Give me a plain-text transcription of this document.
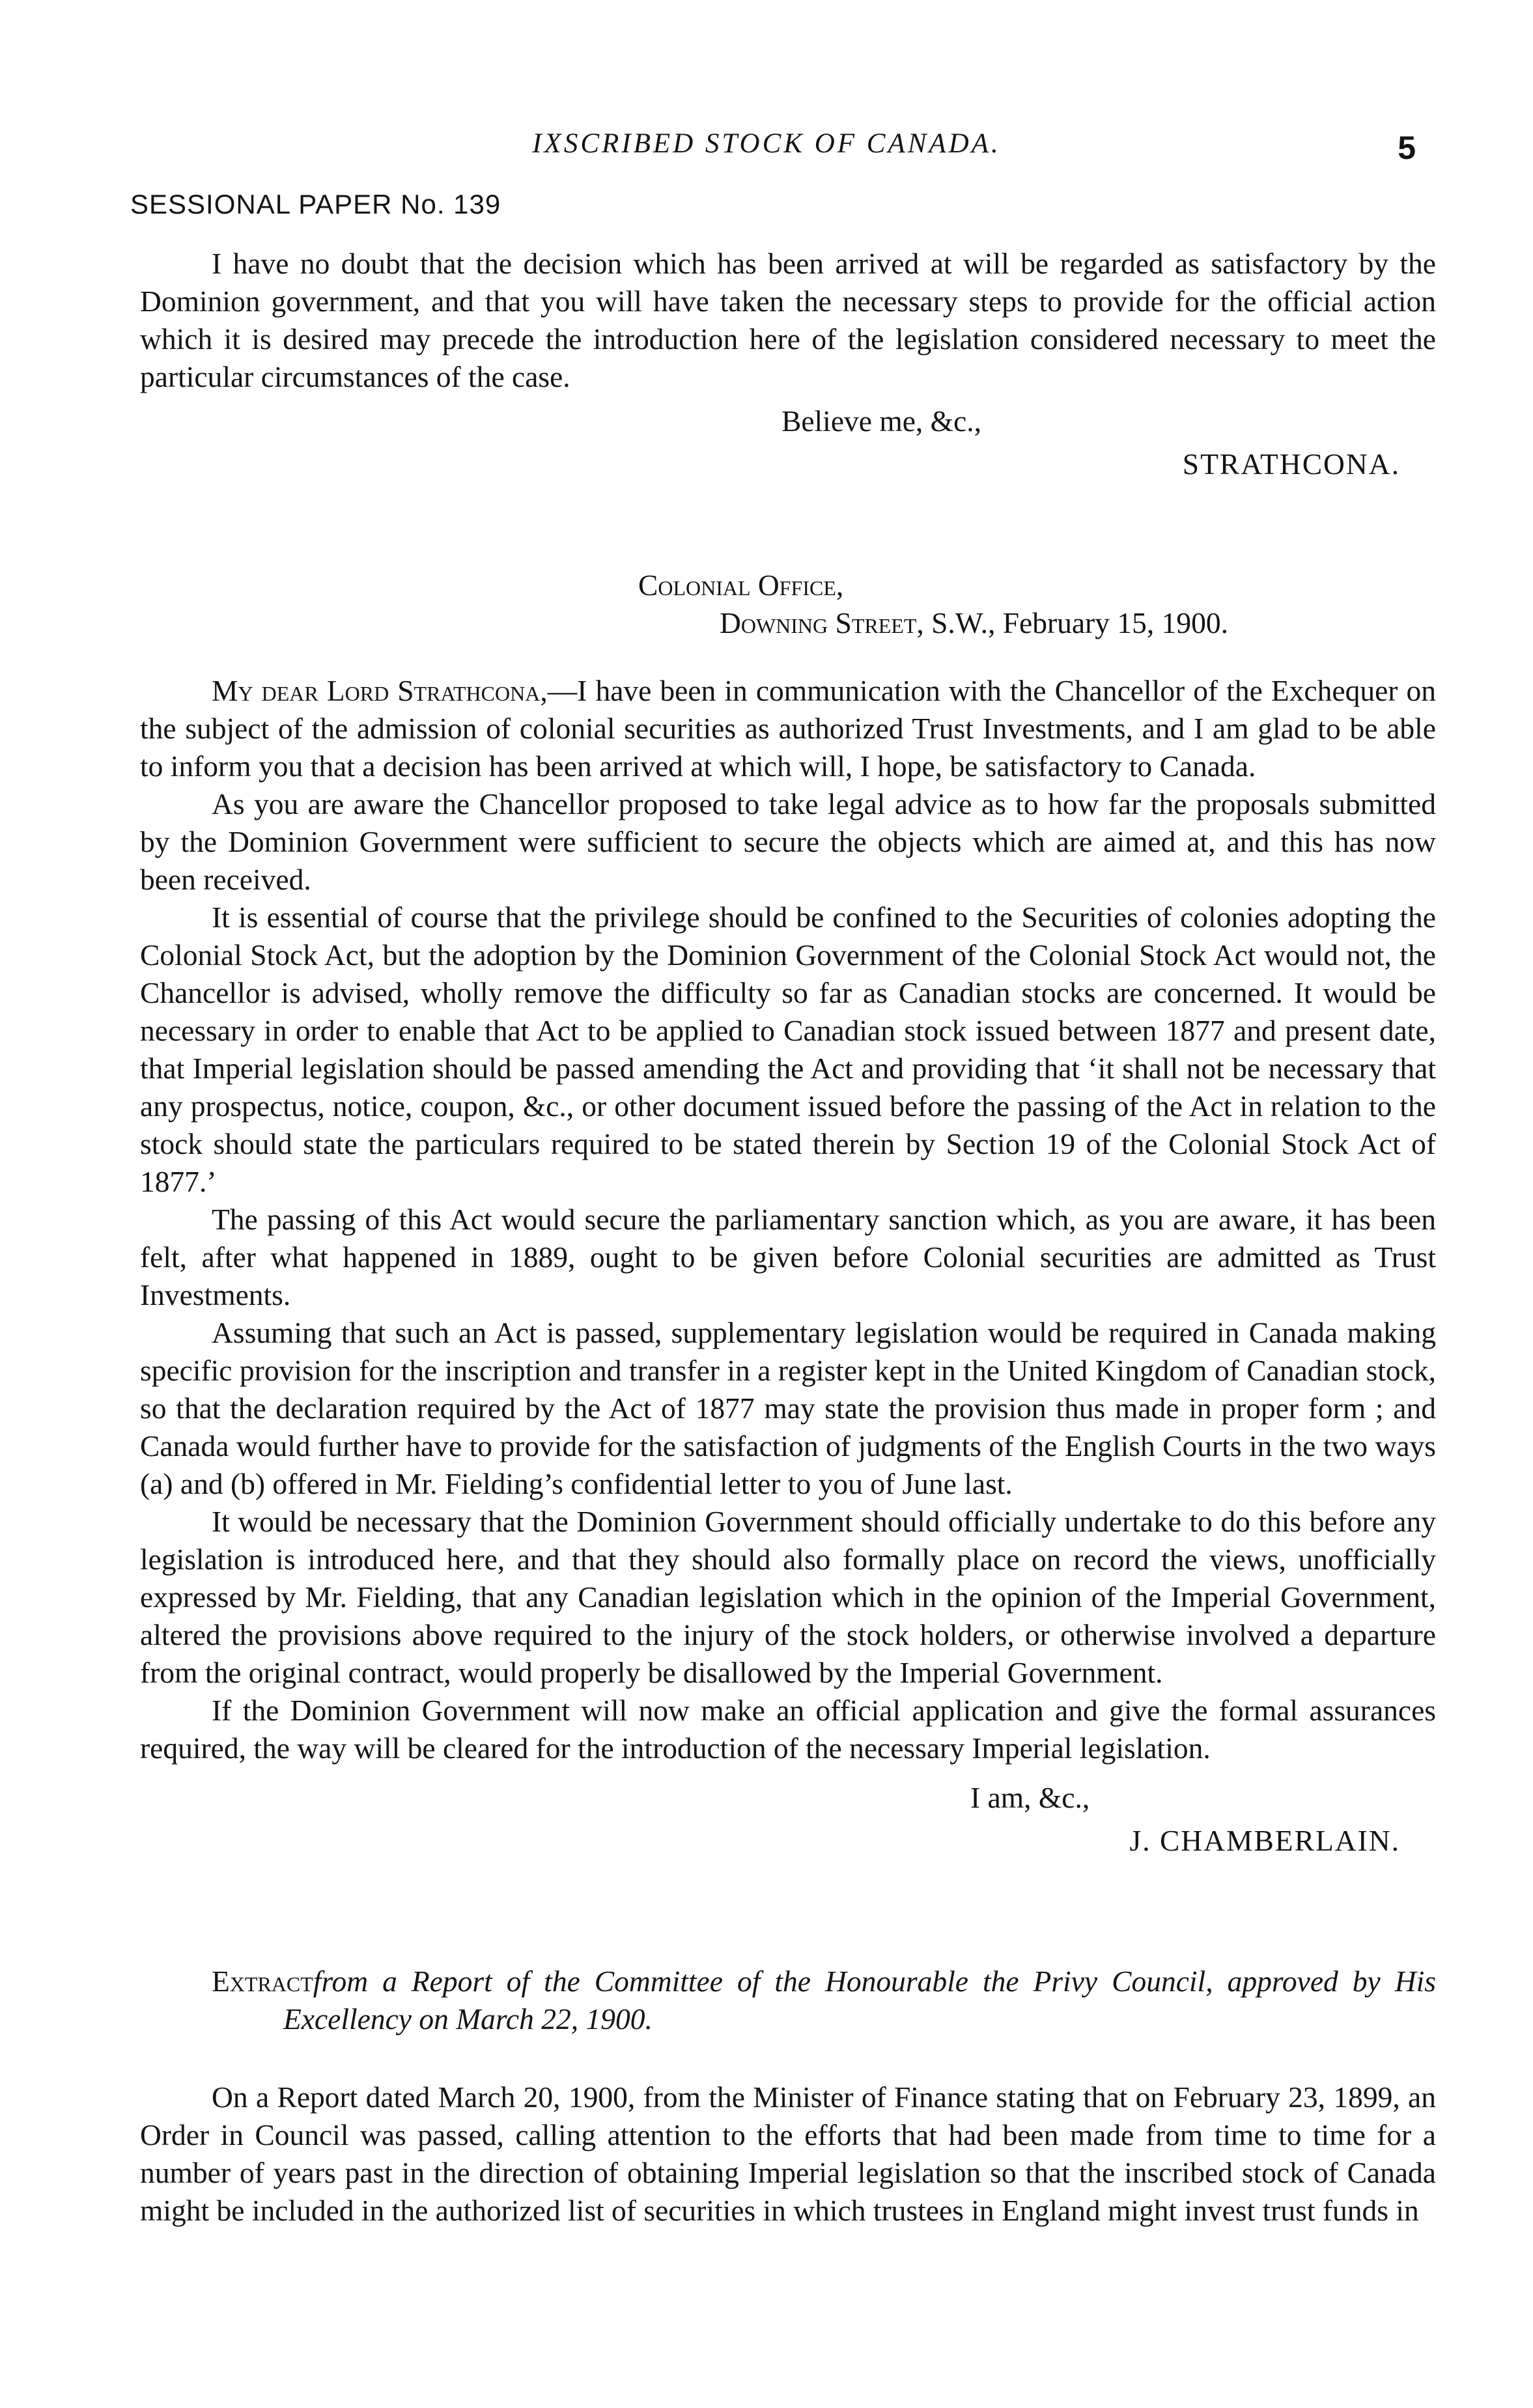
IXSCRIBED STOCK OF CANADA.	5
SESSIONAL PAPER No. 139

I have no doubt that the decision which has been arrived at will be regarded as satisfactory by the Dominion government, and that you will have taken the necessary steps to provide for the official action which it is desired may precede the introduction here of the legislation considered necessary to meet the particular circumstances of the case.

Believe me, &c.,
STRATHCONA.
Colonial Office,
Downing Street, S.W., February 15, 1900.

My dear Lord Strathcona,—I have been in communication with the Chancellor of the Exchequer on the subject of the admission of colonial securities as authorized Trust Investments, and I am glad to be able to inform you that a decision has been arrived at which will, I hope, be satisfactory to Canada.

As you are aware the Chancellor proposed to take legal advice as to how far the proposals submitted by the Dominion Government were sufficient to secure the objects which are aimed at, and this has now been received.

It is essential of course that the privilege should be confined to the Securities of colonies adopting the Colonial Stock Act, but the adoption by the Dominion Government of the Colonial Stock Act would not, the Chancellor is advised, wholly remove the difficulty so far as Canadian stocks are concerned. It would be necessary in order to enable that Act to be applied to Canadian stock issued between 1877 and present date, that Imperial legislation should be passed amending the Act and providing that ‘it shall not be necessary that any prospectus, notice, coupon, &c., or other document issued before the passing of the Act in relation to the stock should state the particulars required to be stated therein by Section 19 of the Colonial Stock Act of 1877.’

The passing of this Act would secure the parliamentary sanction which, as you are aware, it has been felt, after what happened in 1889, ought to be given before Colonial securities are admitted as Trust Investments.

Assuming that such an Act is passed, supplementary legislation would be required in Canada making specific provision for the inscription and transfer in a register kept in the United Kingdom of Canadian stock, so that the declaration required by the Act of 1877 may state the provision thus made in proper form ; and Canada would further have to provide for the satisfaction of judgments of the English Courts in the two ways (a) and (b) offered in Mr. Fielding’s confidential letter to you of June last.

It would be necessary that the Dominion Government should officially undertake to do this before any legislation is introduced here, and that they should also formally place on record the views, unofficially expressed by Mr. Fielding, that any Canadian legislation which in the opinion of the Imperial Government, altered the provisions above required to the injury of the stock holders, or otherwise involved a departure from the original contract, would properly be disallowed by the Imperial Government.

If the Dominion Government will now make an official application and give the formal assurances required, the way will be cleared for the introduction of the necessary Imperial legislation.

I am, &c.,
J. CHAMBERLAIN.

Extractfrom a Report of the Committee of the Honourable the Privy Council, approved by His Excellency on March 22, 1900.

On a Report dated March 20, 1900, from the Minister of Finance stating that on February 23, 1899, an Order in Council was passed, calling attention to the efforts that had been made from time to time for a number of years past in the direction of obtaining Imperial legislation so that the inscribed stock of Canada might be included in the authorized list of securities in which trustees in England might invest trust funds in
